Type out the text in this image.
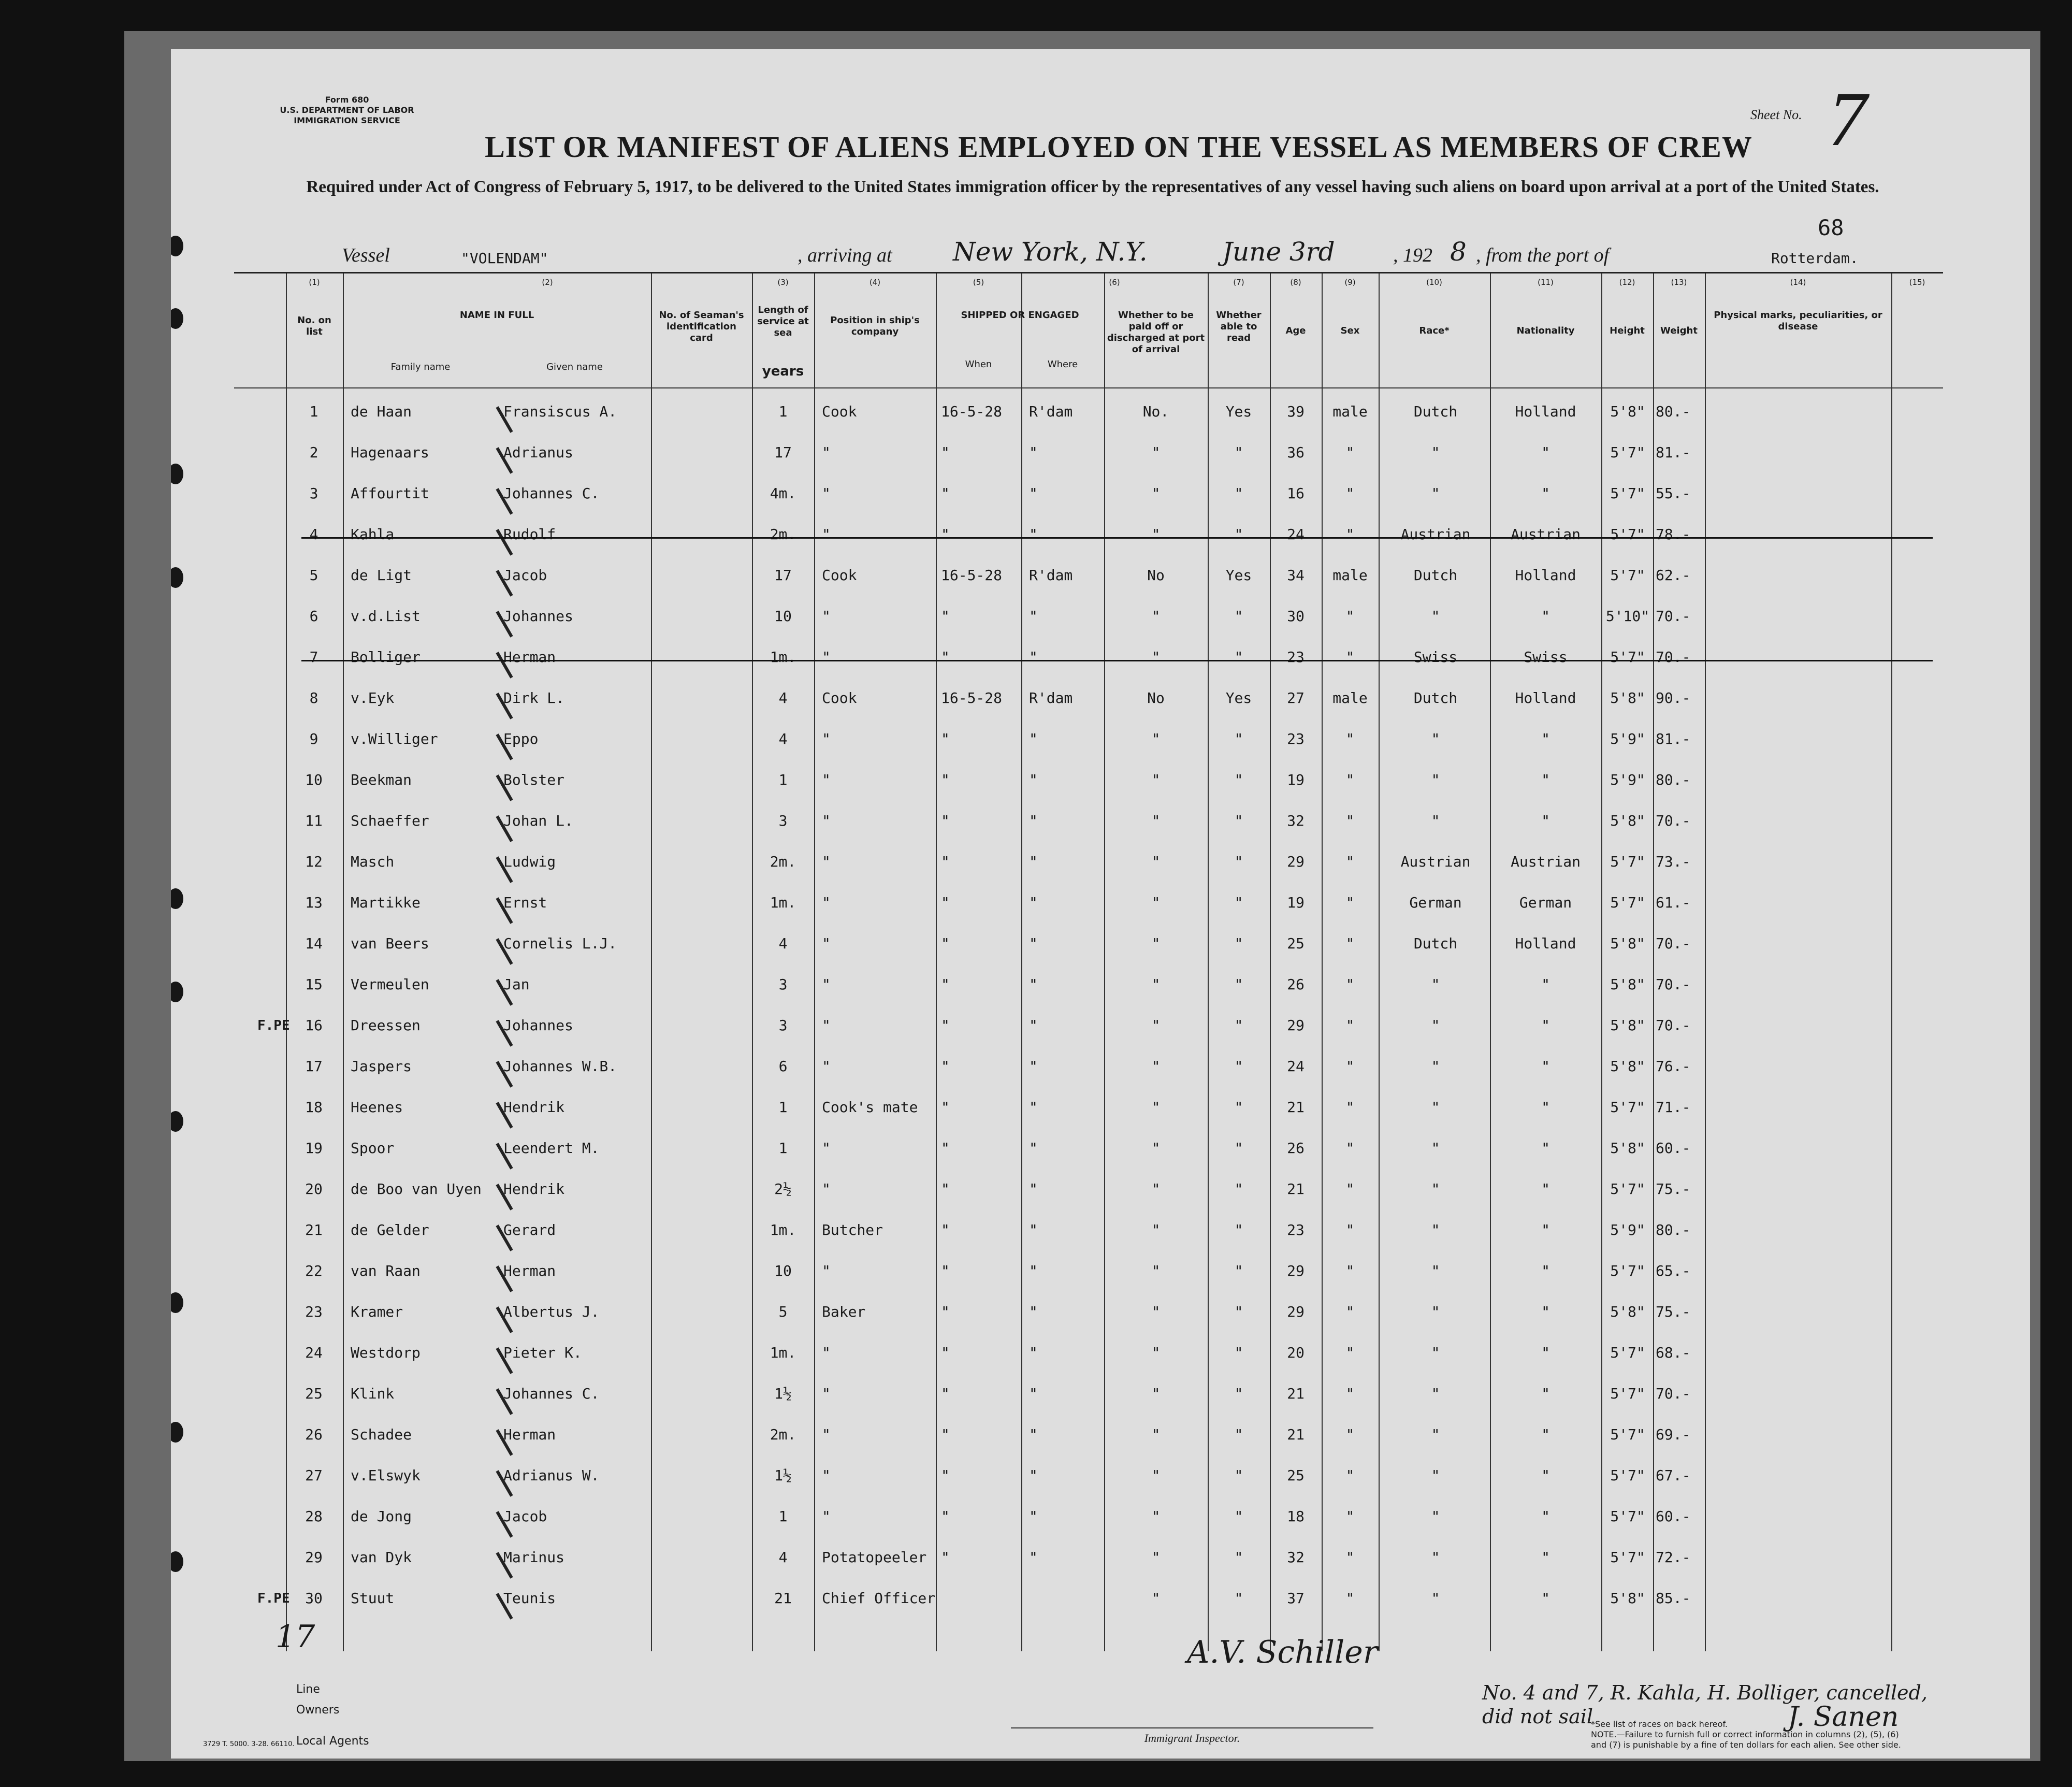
Form 680
U.S. DEPARTMENT OF LABOR
IMMIGRATION SERVICE	Sheet No. 7
LIST OR MANIFEST OF ALIENS EMPLOYED ON THE VESSEL AS MEMBERS OF CREW
Required under Act of Congress of February 5, 1917, to be delivered to the United States immigration officer by the representatives of any vessel having such aliens on board upon arrival at a port of the United States.
68
Vessel	"VOLENDAM"	, arriving at New York, N.Y.	June 3rd	, 192 8 , from the port of	Rotterdam.
(1)	(2)	(3)	(4)	(5)	(6)	(7)	(8)	(9)	(10)	(11)	(12)	(13)	(14)	(15)
No. on list
NAME IN FULL
Family name	Given name
No. of Seaman's identification card
Length of service at sea
years
Position in ship's company
SHIPPED OR ENGAGED
When	Where
Whether to be paid off or discharged at port of arrival
Whether able to read
Age	Sex	Race*	Nationality	Height	Weight
Physical marks, peculiarities, or disease
1	de Haan	Fransiscus A.	1	Cook	16-5-28 R'dam	No.	Yes	39	male	Dutch	Holland	5'8" 80.-
2	Hagenaars	Adrianus	17	"	"	"	"	"	36	"	"	"	5'7" 81.-
3	Affourtit	Johannes C.	4m.	"	"	"	"	"	16	"	"	"	5'7" 55.-
4	Kahla	Rudolf	2m.	"	"	"	"	"	24	"	Austrian	Austrian	5'7" 78.-
5	de Ligt	Jacob	17	Cook	16-5-28 R'dam	No	Yes	34	male	Dutch	Holland	5'7" 62.-
6	v.d.List	Johannes	10	"	"	"	"	"	30	"	"	"	5'10" 70.-
7	Bolliger	Herman	1m.	"	"	"	"	"	23	"	Swiss	Swiss	5'7" 70.-
8	v.Eyk	Dirk L.	4	Cook	16-5-28 R'dam	No	Yes	27	male	Dutch	Holland	5'8" 90.-
9	v.Williger	Eppo	4	"	"	"	"	"	23	"	"	"	5'9" 81.-
10	Beekman	Bolster	1	"	"	"	"	"	19	"	"	"	5'9" 80.-
11	Schaeffer	Johan L.	3	"	"	"	"	"	32	"	"	"	5'8" 70.-
12	Masch	Ludwig	2m.	"	"	"	"	"	29	"	Austrian	Austrian	5'7" 73.-
13	Martikke	Ernst	1m.	"	"	"	"	"	19	"	German	German	5'7" 61.-
14	van Beers	Cornelis L.J.	4	"	"	"	"	"	25	"	Dutch	Holland	5'8" 70.-
15	Vermeulen	Jan	3	"	"	"	"	"	26	"	"	"	5'8" 70.-
F.PE	16	Dreessen	Johannes	3	"	"	"	"	"	29	"	"	"	5'8" 70.-
17	Jaspers	Johannes W.B.	6	"	"	"	"	"	24	"	"	"	5'8" 76.-
18	Heenes	Hendrik	1	Cook's mate "	"	"	"	21	"	"	"	5'7" 71.-
19	Spoor	Leendert M.	1	"	"	"	"	"	26	"	"	"	5'8" 60.-
20	de Boo van Uyen Hendrik	2½	"	"	"	"	"	21	"	"	"	5'7" 75.-
21	de Gelder	Gerard	1m.	Butcher	"	"	"	"	23	"	"	"	5'9" 80.-
22	van Raan	Herman	10	"	"	"	"	"	29	"	"	"	5'7" 65.-
23	Kramer	Albertus J.	5	Baker	"	"	"	"	29	"	"	"	5'8" 75.-
24	Westdorp	Pieter K.	1m.	"	"	"	"	"	20	"	"	"	5'7" 68.-
25	Klink	Johannes C.	1½	"	"	"	"	"	21	"	"	"	5'7" 70.-
26	Schadee	Herman	2m.	"	"	"	"	"	21	"	"	"	5'7" 69.-
27	v.Elswyk	Adrianus W.	1½	"	"	"	"	"	25	"	"	"	5'7" 67.-
28	de Jong	Jacob	1	"	"	"	"	"	18	"	"	"	5'7" 60.-
29	van Dyk	Marinus	4	Potatopeeler "	"	"	"	32	"	"	"	5'7" 72.-
F.PE	30	Stuut	Teunis	21	Chief Officer	"	"	37	"	"	"	5'8" 85.-
17
Line
Owners
Local Agents	Immigrant Inspector.
A.V. Schiller
No. 4 and 7, R. Kahla, H. Bolliger, cancelled, did not sail
*See list of races on back hereof.
NOTE.—Failure to furnish full or correct information in columns (2), (5), (6) and (7) is punishable by a fine of ten dollars for each alien. See other side.
J. Sanen
3729 T. 5000. 3-28. 66110.
